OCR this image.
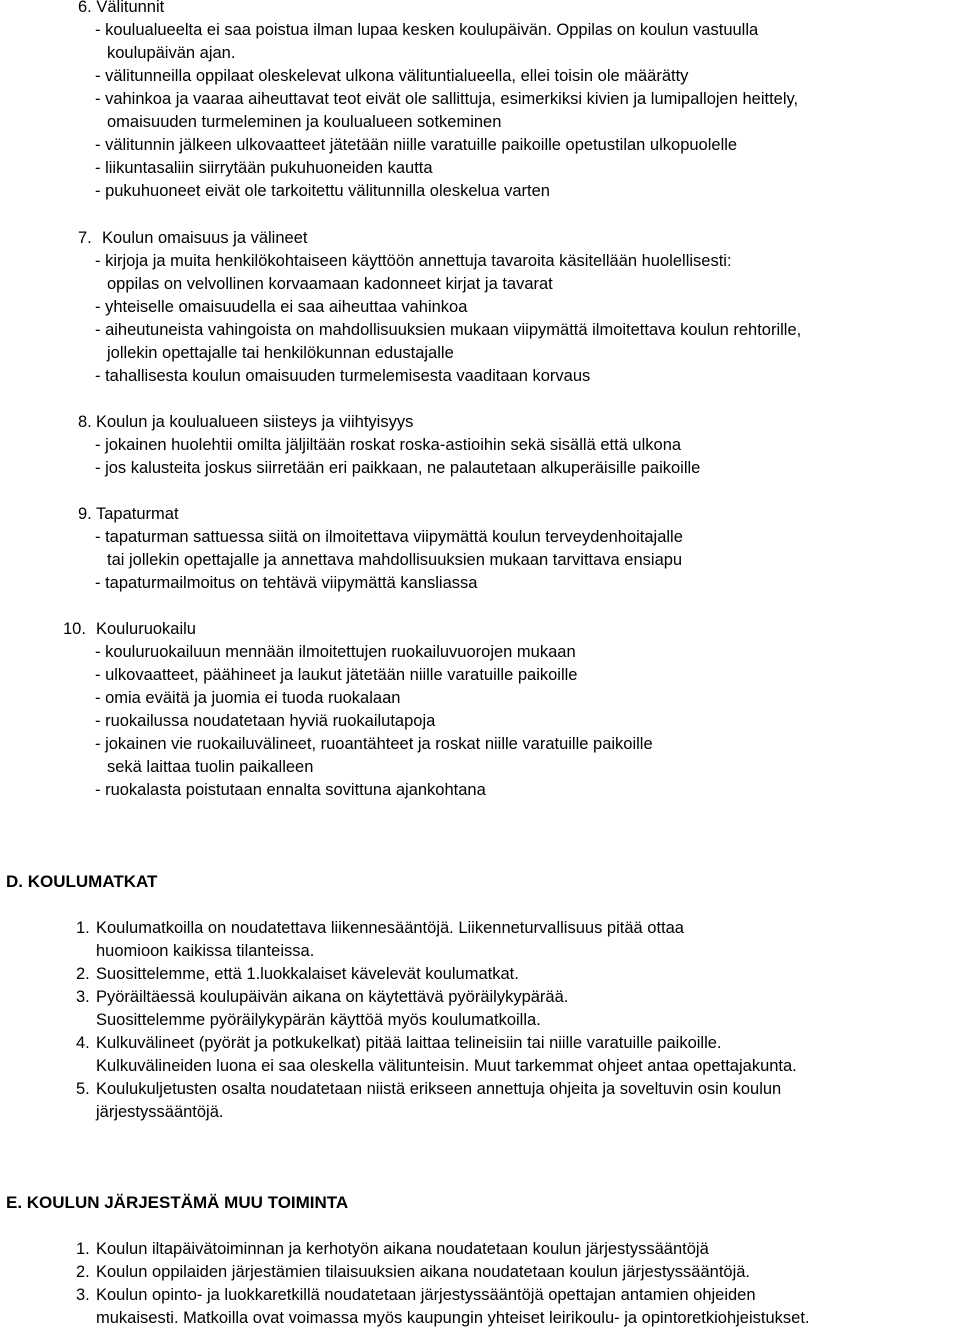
6. Välitunnit
- koulualueelta ei saa poistua ilman lupaa kesken koulupäivän. Oppilas on koulun vastuulla
koulupäivän ajan.
- välitunneilla oppilaat oleskelevat ulkona välituntialueella, ellei toisin ole määrätty
- vahinkoa ja vaaraa aiheuttavat teot eivät ole sallittuja, esimerkiksi kivien ja lumipallojen heittely,
omaisuuden turmeleminen ja koulualueen sotkeminen
- välitunnin jälkeen ulkovaatteet jätetään niille varatuille paikoille opetustilan ulkopuolelle
- liikuntasaliin siirrytään pukuhuoneiden kautta
- pukuhuoneet eivät ole tarkoitettu välitunnilla oleskelua varten
7. Koulun omaisuus ja välineet
- kirjoja ja muita henkilökohtaiseen käyttöön annettuja tavaroita käsitellään huolellisesti:
oppilas on velvollinen korvaamaan kadonneet kirjat ja tavarat
- yhteiselle omaisuudella ei saa aiheuttaa vahinkoa
- aiheutuneista vahingoista on mahdollisuuksien mukaan viipymättä ilmoitettava koulun rehtorille,
jollekin opettajalle tai henkilökunnan edustajalle
- tahallisesta koulun omaisuuden turmelemisesta vaaditaan korvaus
8. Koulun ja koulualueen siisteys ja viihtyisyys
- jokainen huolehtii omilta jäljiltään roskat roska-astioihin sekä sisällä että ulkona
- jos kalusteita joskus siirretään eri paikkaan, ne palautetaan alkuperäisille paikoille
9. Tapaturmat
- tapaturman sattuessa siitä on ilmoitettava viipymättä koulun terveydenhoitajalle
tai jollekin opettajalle ja annettava mahdollisuuksien mukaan tarvittava ensiapu
- tapaturmailmoitus on tehtävä viipymättä kansliassa
10. Kouluruokailu
- kouluruokailuun mennään ilmoitettujen ruokailuvuorojen mukaan
- ulkovaatteet, päähineet ja laukut jätetään niille varatuille paikoille
- omia eväitä ja juomia ei tuoda ruokalaan
- ruokailussa noudatetaan hyviä ruokailutapoja
- jokainen vie ruokailuvälineet, ruoantähteet ja roskat niille varatuille paikoille
sekä laittaa tuolin paikalleen
- ruokalasta poistutaan ennalta sovittuna ajankohtana
D. KOULUMATKAT
1. Koulumatkoilla on noudatettava liikennesääntöjä. Liikenneturvallisuus pitää ottaa
huomioon kaikissa tilanteissa.
2. Suosittelemme, että 1.luokkalaiset kävelevät koulumatkat.
3. Pyöräiltäessä koulupäivän aikana on käytettävä pyöräilykypärää.
Suosittelemme pyöräilykypärän käyttöä myös koulumatkoilla.
4. Kulkuvälineet (pyörät ja potkukelkat) pitää laittaa telineisiin tai niille varatuille paikoille.
Kulkuvälineiden luona ei saa oleskella välitunteisin. Muut tarkemmat ohjeet antaa opettajakunta.
5. Koulukuljetusten osalta noudatetaan niistä erikseen annettuja ohjeita ja soveltuvin osin koulun
järjestyssääntöjä.
E. KOULUN JÄRJESTÄMÄ MUU TOIMINTA
1. Koulun iltapäivätoiminnan ja kerhotyön aikana noudatetaan koulun järjestyssääntöjä
2. Koulun oppilaiden järjestämien tilaisuuksien aikana noudatetaan koulun järjestyssääntöjä.
3. Koulun opinto- ja luokkaretkillä noudatetaan järjestyssääntöjä opettajan antamien ohjeiden
mukaisesti. Matkoilla ovat voimassa myös kaupungin yhteiset leirikoulu- ja opintoretkiohjeistukset.
